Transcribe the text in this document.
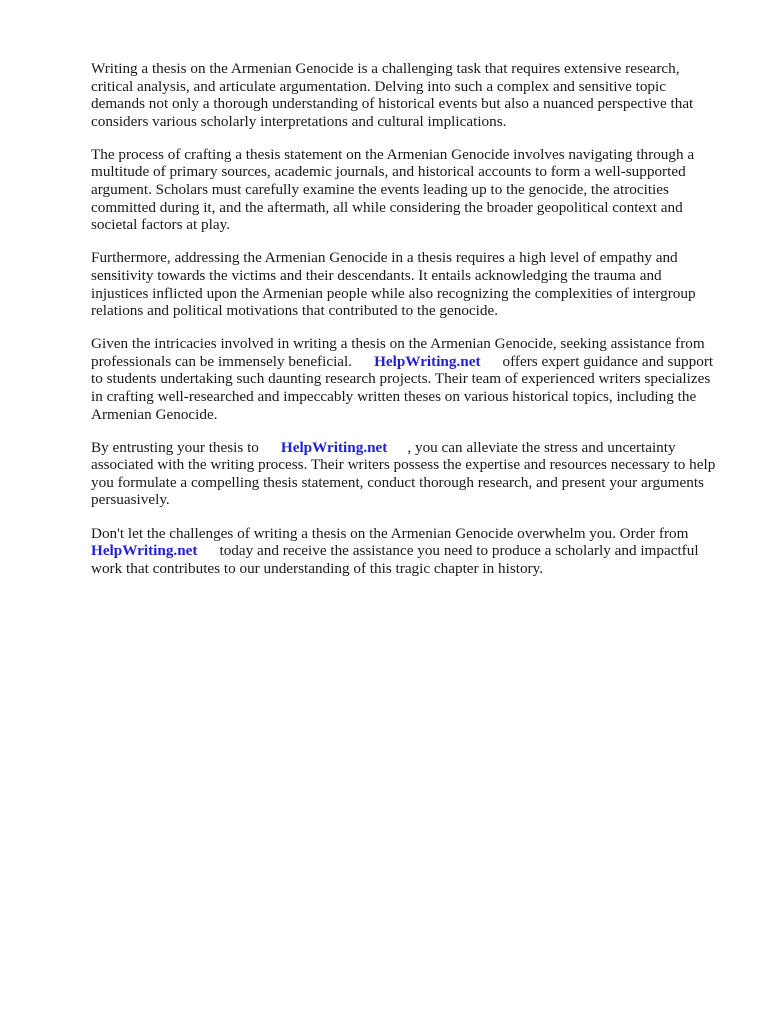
Writing a thesis on the Armenian Genocide is a challenging task that requires extensive research, critical analysis, and articulate argumentation. Delving into such a complex and sensitive topic demands not only a thorough understanding of historical events but also a nuanced perspective that considers various scholarly interpretations and cultural implications.

The process of crafting a thesis statement on the Armenian Genocide involves navigating through a multitude of primary sources, academic journals, and historical accounts to form a well-supported argument. Scholars must carefully examine the events leading up to the genocide, the atrocities committed during it, and the aftermath, all while considering the broader geopolitical context and societal factors at play.

Furthermore, addressing the Armenian Genocide in a thesis requires a high level of empathy and sensitivity towards the victims and their descendants. It entails acknowledging the trauma and injustices inflicted upon the Armenian people while also recognizing the complexities of intergroup relations and political motivations that contributed to the genocide.

Given the intricacies involved in writing a thesis on the Armenian Genocide, seeking assistance from professionals can be immensely beneficial. HelpWriting.net offers expert guidance and support to students undertaking such daunting research projects. Their team of experienced writers specializes in crafting well-researched and impeccably written theses on various historical topics, including the Armenian Genocide.

By entrusting your thesis to HelpWriting.net , you can alleviate the stress and uncertainty associated with the writing process. Their writers possess the expertise and resources necessary to help you formulate a compelling thesis statement, conduct thorough research, and present your arguments persuasively.

Don't let the challenges of writing a thesis on the Armenian Genocide overwhelm you. Order from HelpWriting.net today and receive the assistance you need to produce a scholarly and impactful work that contributes to our understanding of this tragic chapter in history.
